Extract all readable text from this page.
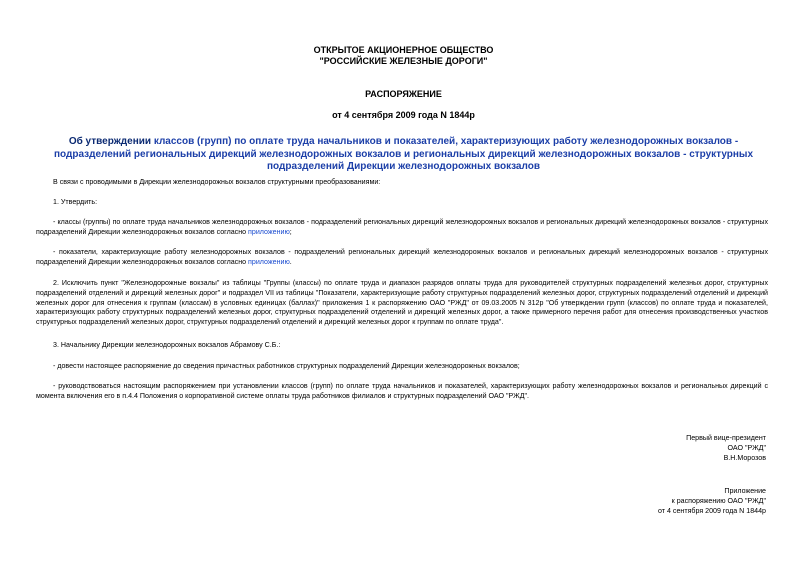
ОТКРЫТОЕ АКЦИОНЕРНОЕ ОБЩЕСТВО
"РОССИЙСКИЕ ЖЕЛЕЗНЫЕ ДОРОГИ"
РАСПОРЯЖЕНИЕ
от 4 сентября 2009 года N 1844р
Об утверждении классов (групп) по оплате труда начальников и показателей, характеризующих работу железнодорожных вокзалов - подразделений региональных дирекций железнодорожных вокзалов и региональных дирекций железнодорожных вокзалов - структурных подразделений Дирекции железнодорожных вокзалов

В связи с проводимыми в Дирекции железнодорожных вокзалов структурными преобразованиями:

1. Утвердить:

- классы (группы) по оплате труда начальников железнодорожных вокзалов - подразделений региональных дирекций железнодорожных вокзалов и региональных дирекций железнодорожных вокзалов - структурных подразделений Дирекции железнодорожных вокзалов согласно приложению;

- показатели, характеризующие работу железнодорожных вокзалов - подразделений региональных дирекций железнодорожных вокзалов и региональных дирекций железнодорожных вокзалов - структурных подразделений Дирекции железнодорожных вокзалов согласно приложению.

2. Исключить пункт "Железнодорожные вокзалы" из таблицы "Группы (классы) по оплате труда и диапазон разрядов оплаты труда для руководителей структурных подразделений железных дорог, структурных подразделений отделений и дирекций железных дорог" и подраздел VII из таблицы "Показатели, характеризующие работу структурных подразделений железных дорог, структурных подразделений отделений и дирекций железных дорог для отнесения к группам (классам) в условных единицах (баллах)" приложения 1 к распоряжению ОАО "РЖД" от 09.03.2005 N 312р "Об утверждении групп (классов) по оплате труда и показателей, характеризующих работу структурных подразделений железных дорог, структурных подразделений отделений и дирекций железных дорог, а также примерного перечня работ для отнесения производственных участков структурных подразделений железных дорог, структурных подразделений отделений и дирекций железных дорог к группам по оплате труда".

3. Начальнику Дирекции железнодорожных вокзалов Абрамову С.Б.:

- довести настоящее распоряжение до сведения причастных работников структурных подразделений Дирекции железнодорожных вокзалов;

- руководствоваться настоящим распоряжением при установлении классов (групп) по оплате труда начальников и показателей, характеризующих работу железнодорожных вокзалов и региональных дирекций с момента включения его в п.4.4 Положения о корпоративной системе оплаты труда работников филиалов и структурных подразделений ОАО "РЖД".

Первый вице-президент

ОАО "РЖД"

В.Н.Морозов

Приложение

к распоряжению ОАО "РЖД"

от 4 сентября 2009 года N 1844р
